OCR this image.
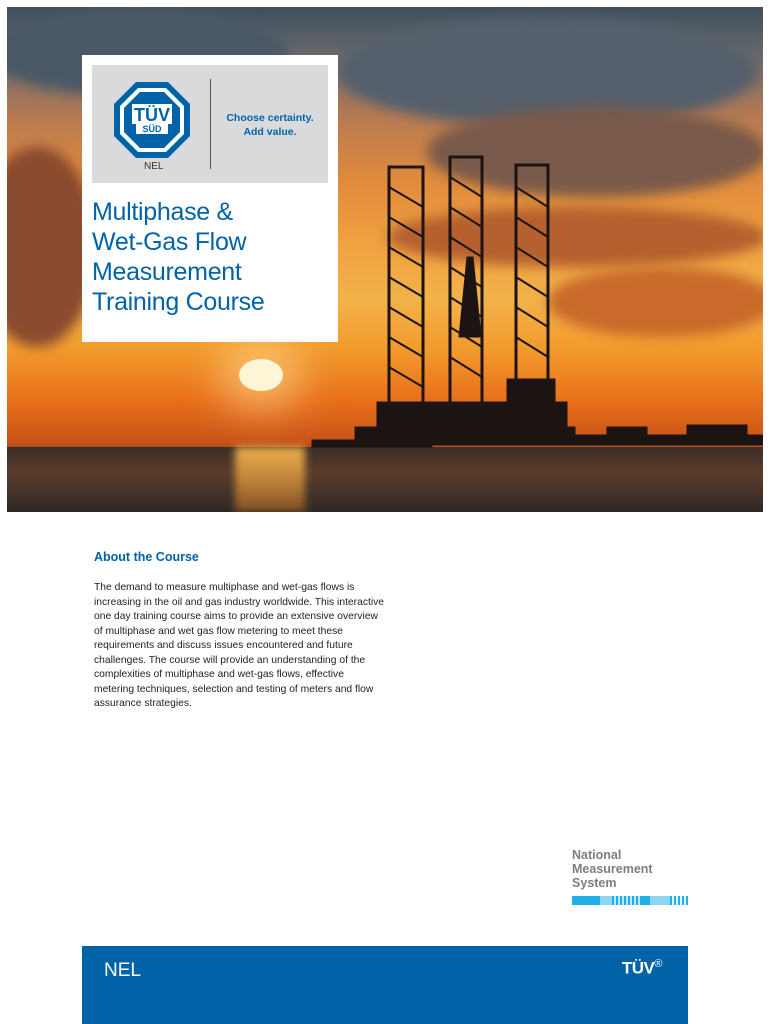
TÜV
SÜD
Choose certainty.
Add value.
NEL
Multiphase &
Wet-Gas Flow
Measurement
Training Course
About the Course

The demand to measure multiphase and wet-gas flows is increasing in the oil and gas industry worldwide. This interactive one day training course aims to provide an extensive overview of multiphase and wet gas flow metering to meet these requirements and discuss issues encountered and future challenges. The course will provide an understanding of the complexities of multiphase and wet-gas flows, effective metering techniques, selection and testing of meters and flow assurance strategies.

National
Measurement
System
NEL	TÜV®
